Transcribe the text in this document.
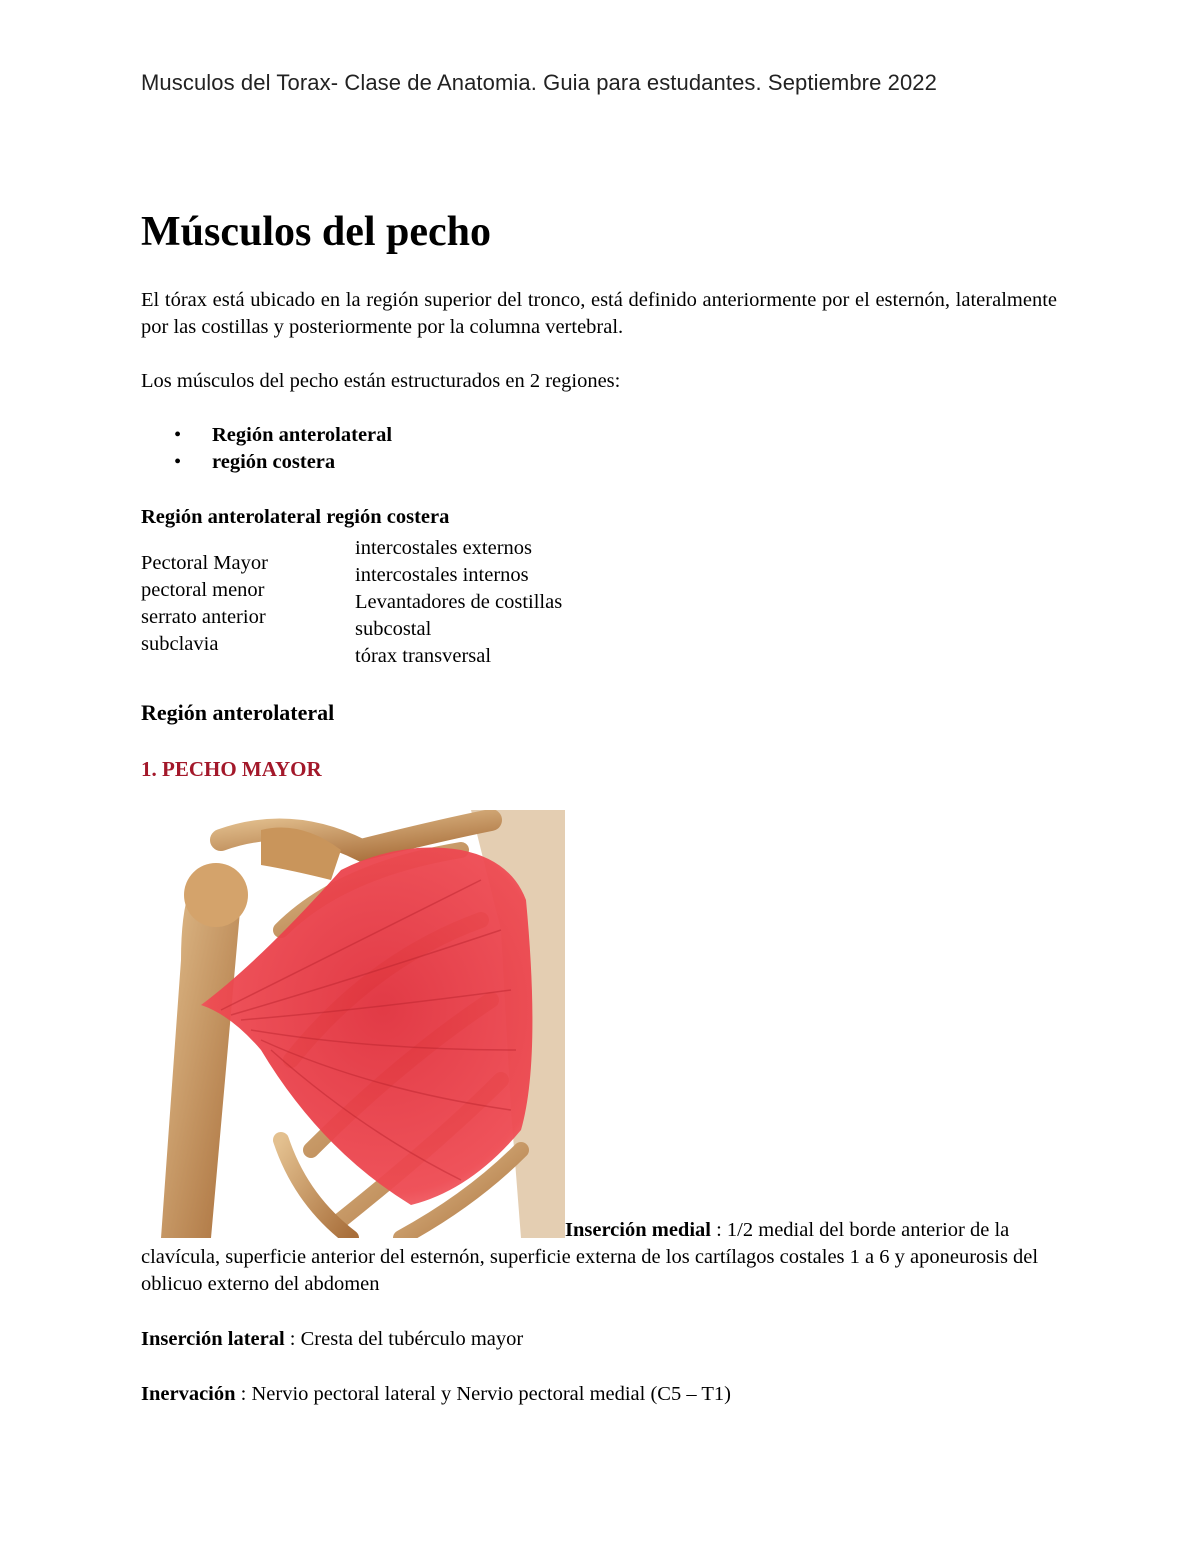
Musculos del Torax- Clase de Anatomia. Guia para estudantes. Septiembre 2022
Músculos del pecho

El tórax está ubicado en la región superior del tronco, está definido anteriormente por el esternón, lateralmente por las costillas y posteriormente por la columna vertebral.

Los músculos del pecho están estructurados en 2 regiones:

• Región anterolateral
• región costera
Región anterolateral región costera
Pectoral Mayor
pectoral menor
serrato anterior
subclavia
intercostales externos
intercostales internos
Levantadores de costillas
subcostal
tórax transversal
Región anterolateral
1. PECHO MAYOR

Inserción medial : 1/2 medial del borde anterior de la clavícula, superficie anterior del esternón, superficie externa de los cartílagos costales 1 a 6 y aponeurosis del oblicuo externo del abdomen

Inserción lateral : Cresta del tubérculo mayor

Inervación : Nervio pectoral lateral y Nervio pectoral medial (C5 – T1)
